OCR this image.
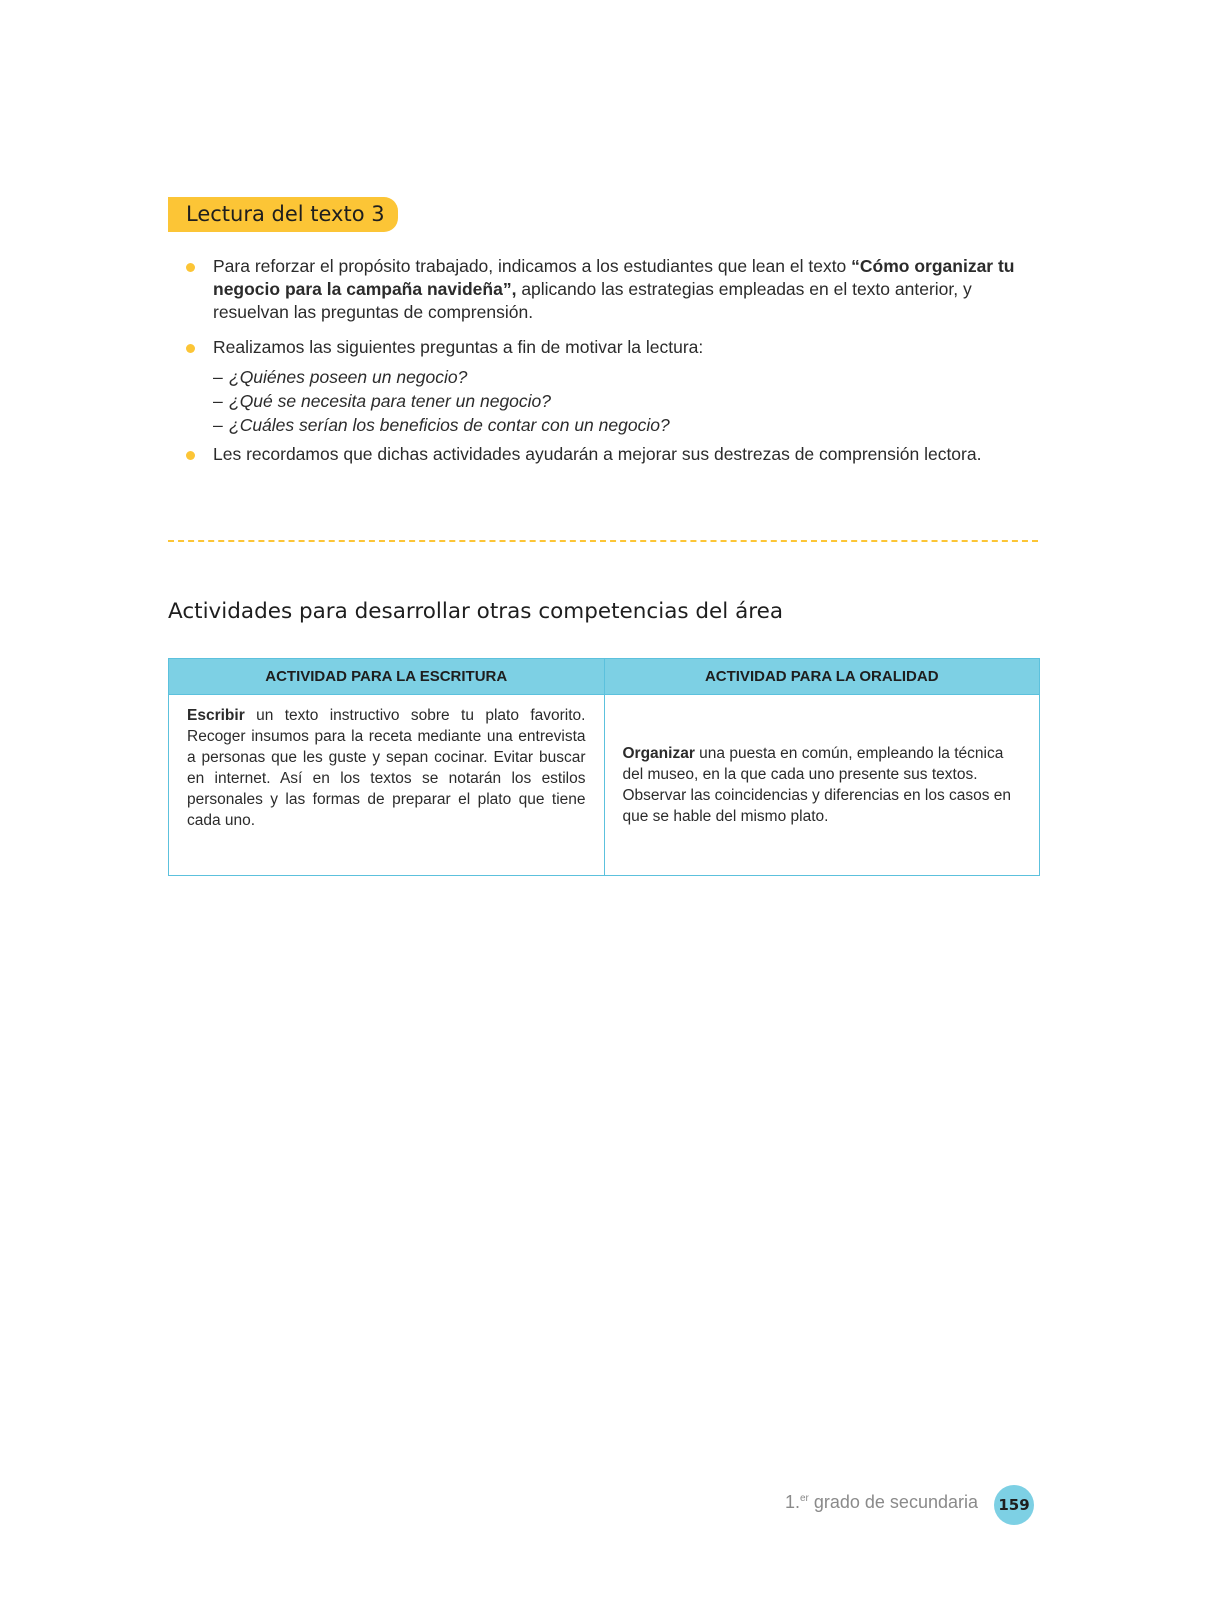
Lectura del texto 3
Para reforzar el propósito trabajado, indicamos a los estudiantes que lean el texto “Cómo organizar tu negocio para la campaña navideña”, aplicando las estrategias empleadas en el texto anterior, y resuelvan las preguntas de comprensión.
Realizamos las siguientes preguntas a fin de motivar la lectura:
– ¿Quiénes poseen un negocio?
– ¿Qué se necesita para tener un negocio?
– ¿Cuáles serían los beneficios de contar con un negocio?
Les recordamos que dichas actividades ayudarán a mejorar sus destrezas de comprensión lectora.
Actividades para desarrollar otras competencias del área
ACTIVIDAD PARA LA ESCRITURA	ACTIVIDAD PARA LA ORALIDAD
Escribir un texto instructivo sobre tu plato favorito. Recoger insumos para la receta mediante una entrevista a personas que les guste y sepan cocinar. Evitar buscar en internet. Así en los textos se notarán los estilos personales y las formas de preparar el plato que tiene cada uno.	Organizar una puesta en común, empleando la técnica del museo, en la que cada uno presente sus textos. Observar las coincidencias y diferencias en los casos en que se hable del mismo plato.
1.$^{er}$ grado de secundaria 159
